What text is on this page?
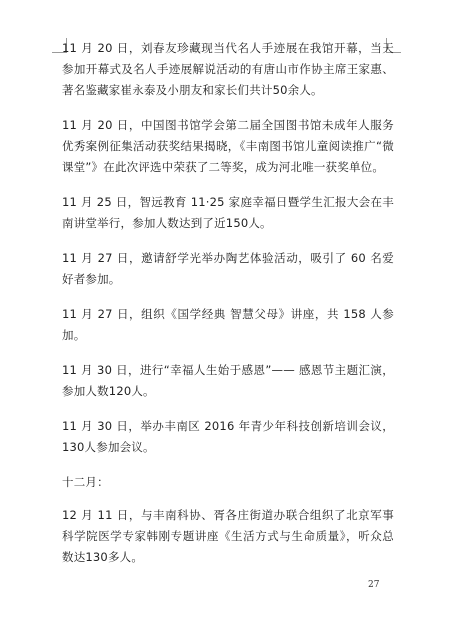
11 月 20 日，刘春友珍藏现当代名人手迹展在我馆开幕，当天参加开幕式及名人手迹展解说活动的有唐山市作协主席王家惠、著名鉴藏家崔永泰及小朋友和家长们共计50余人。

11 月 20 日，中国图书馆学会第二届全国图书馆未成年人服务优秀案例征集活动获奖结果揭晓，《丰南图书馆儿童阅读推广“微课堂”》在此次评选中荣获了二等奖，成为河北唯一获奖单位。

11 月 25 日，智远教育 11·25 家庭幸福日暨学生汇报大会在丰南讲堂举行，参加人数达到了近150人。

11 月 27 日，邀请舒学光举办陶艺体验活动，吸引了 60 名爱好者参加。

11 月 27 日，组织《国学经典 智慧父母》讲座，共 158 人参加。

11 月 30 日，进行“幸福人生始于感恩”—— 感恩节主题汇演，参加人数120人。

11 月 30 日，举办丰南区 2016 年青少年科技创新培训会议，130人参加会议。

十二月：

12 月 11 日，与丰南科协、胥各庄街道办联合组织了北京军事科学院医学专家韩刚专题讲座《生活方式与生命质量》，听众总数达130多人。

27
